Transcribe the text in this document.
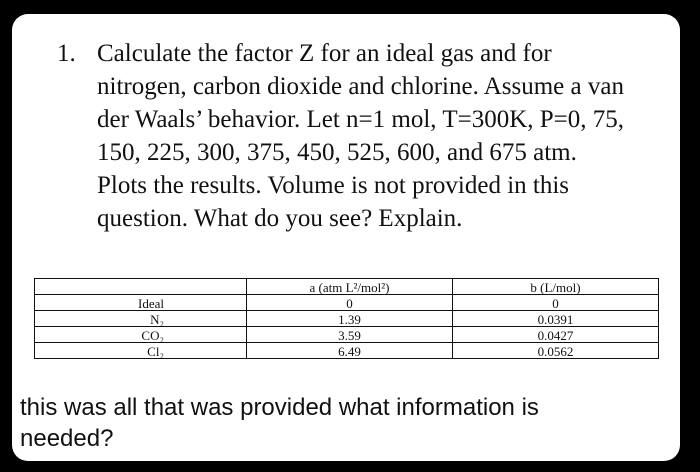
1. Calculate the factor Z for an ideal gas and for
nitrogen, carbon dioxide and chlorine. Assume a van
der Waals’ behavior. Let n=1 mol, T=300K, P=0, 75,
150, 225, 300, 375, 450, 525, 600, and 675 atm.
Plots the results. Volume is not provided in this
question. What do you see? Explain.
	a (atm L²/mol²)	b (L/mol)
Ideal	0	0
N₂	1.39	0.0391
CO₂	3.59	0.0427
Cl₂	6.49	0.0562
this was all that was provided what information is
needed?
